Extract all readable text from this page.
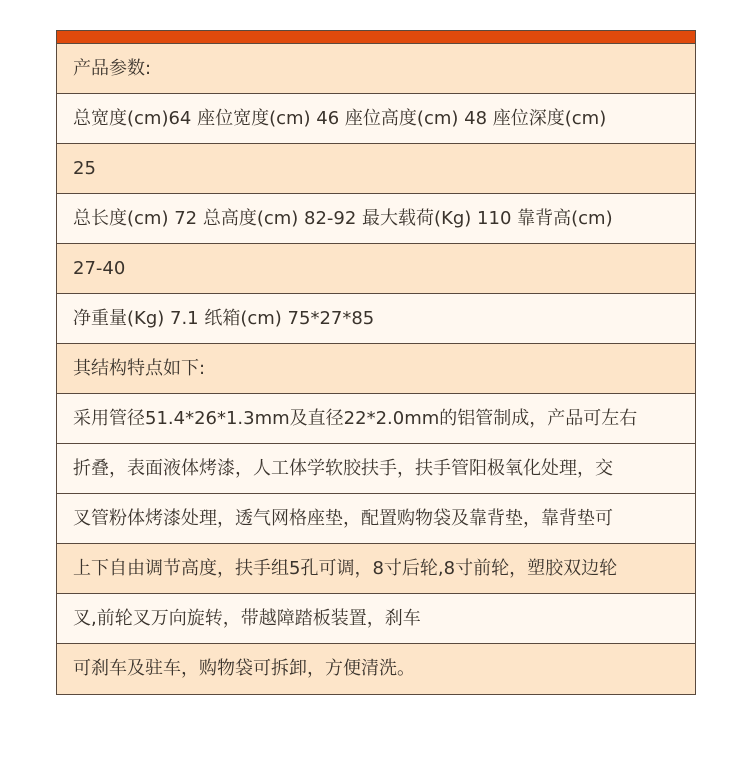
产品参数:
总宽度(cm)64 座位宽度(cm) 46 座位高度(cm) 48 座位深度(cm)
25
总长度(cm) 72 总高度(cm) 82-92 最大载荷(Kg) 110 靠背高(cm)
27-40
净重量(Kg) 7.1 纸箱(cm) 75*27*85
其结构特点如下:
采用管径51.4*26*1.3mm及直径22*2.0mm的铝管制成，产品可左右
折叠，表面液体烤漆，人工体学软胶扶手，扶手管阳极氧化处理，交
叉管粉体烤漆处理，透气网格座垫，配置购物袋及靠背垫，靠背垫可
上下自由调节高度，扶手组5孔可调，8寸后轮,8寸前轮，塑胶双边轮
叉,前轮叉万向旋转，带越障踏板装置，刹车
可刹车及驻车，购物袋可拆卸，方便清洗。
